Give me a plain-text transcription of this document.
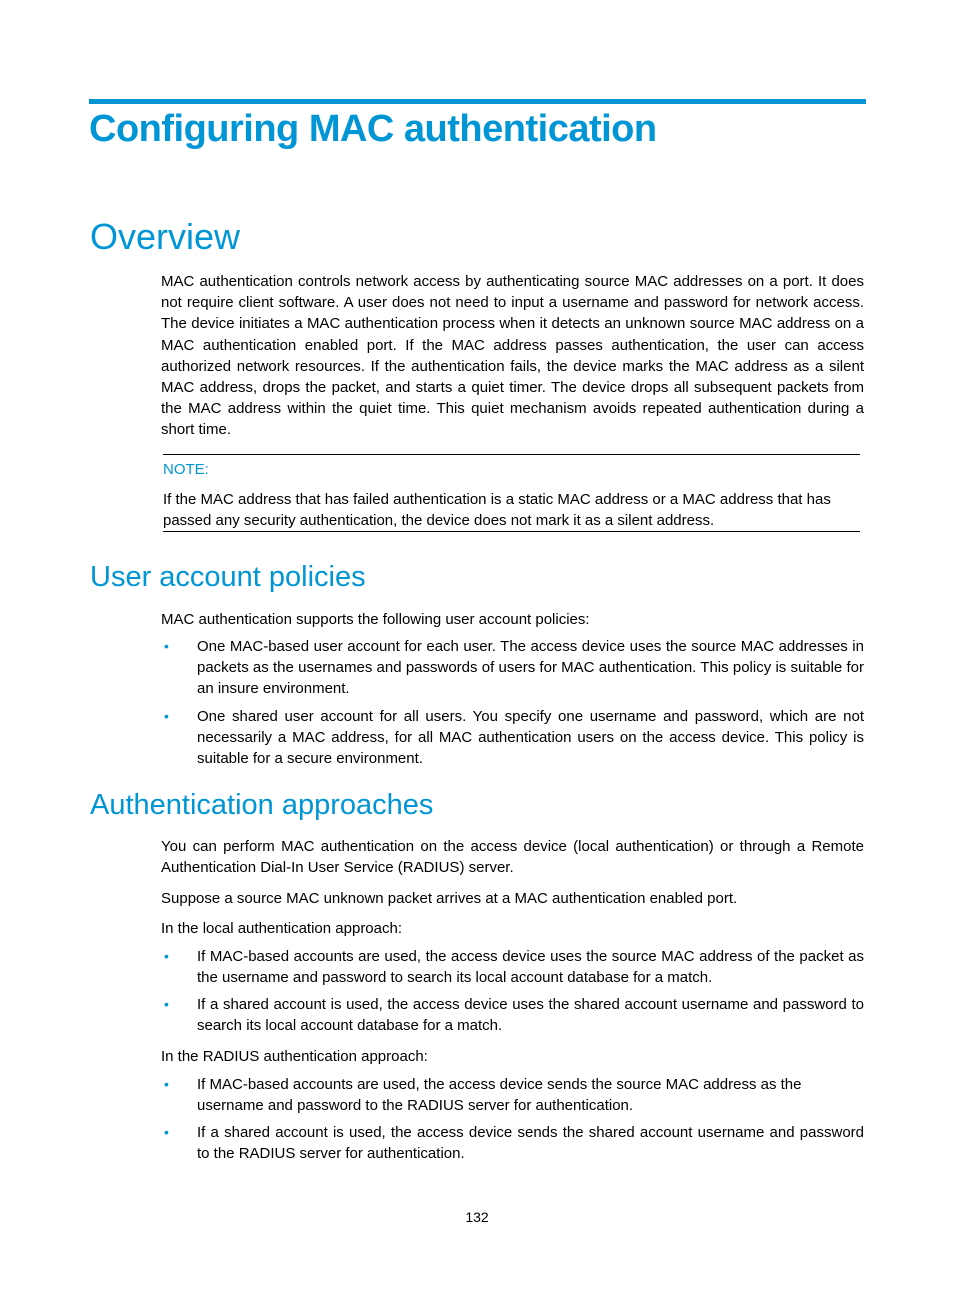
Configuring MAC authentication
Overview

MAC authentication controls network access by authenticating source MAC addresses on a port. It does not require client software. A user does not need to input a username and password for network access. The device initiates a MAC authentication process when it detects an unknown source MAC address on a MAC authentication enabled port. If the MAC address passes authentication, the user can access authorized network resources. If the authentication fails, the device marks the MAC address as a silent MAC address, drops the packet, and starts a quiet timer. The device drops all subsequent packets from the MAC address within the quiet time. This quiet mechanism avoids repeated authentication during a short time.

NOTE:

If the MAC address that has failed authentication is a static MAC address or a MAC address that has passed any security authentication, the device does not mark it as a silent address.

User account policies

MAC authentication supports the following user account policies:

• One MAC-based user account for each user. The access device uses the source MAC addresses in packets as the usernames and passwords of users for MAC authentication. This policy is suitable for an insure environment.

• One shared user account for all users. You specify one username and password, which are not necessarily a MAC address, for all MAC authentication users on the access device. This policy is suitable for a secure environment.

Authentication approaches

You can perform MAC authentication on the access device (local authentication) or through a Remote Authentication Dial-In User Service (RADIUS) server.

Suppose a source MAC unknown packet arrives at a MAC authentication enabled port.

In the local authentication approach:

• If MAC-based accounts are used, the access device uses the source MAC address of the packet as the username and password to search its local account database for a match.

• If a shared account is used, the access device uses the shared account username and password to search its local account database for a match.

In the RADIUS authentication approach:

• If MAC-based accounts are used, the access device sends the source MAC address as the username and password to the RADIUS server for authentication.

• If a shared account is used, the access device sends the shared account username and password to the RADIUS server for authentication.

132
